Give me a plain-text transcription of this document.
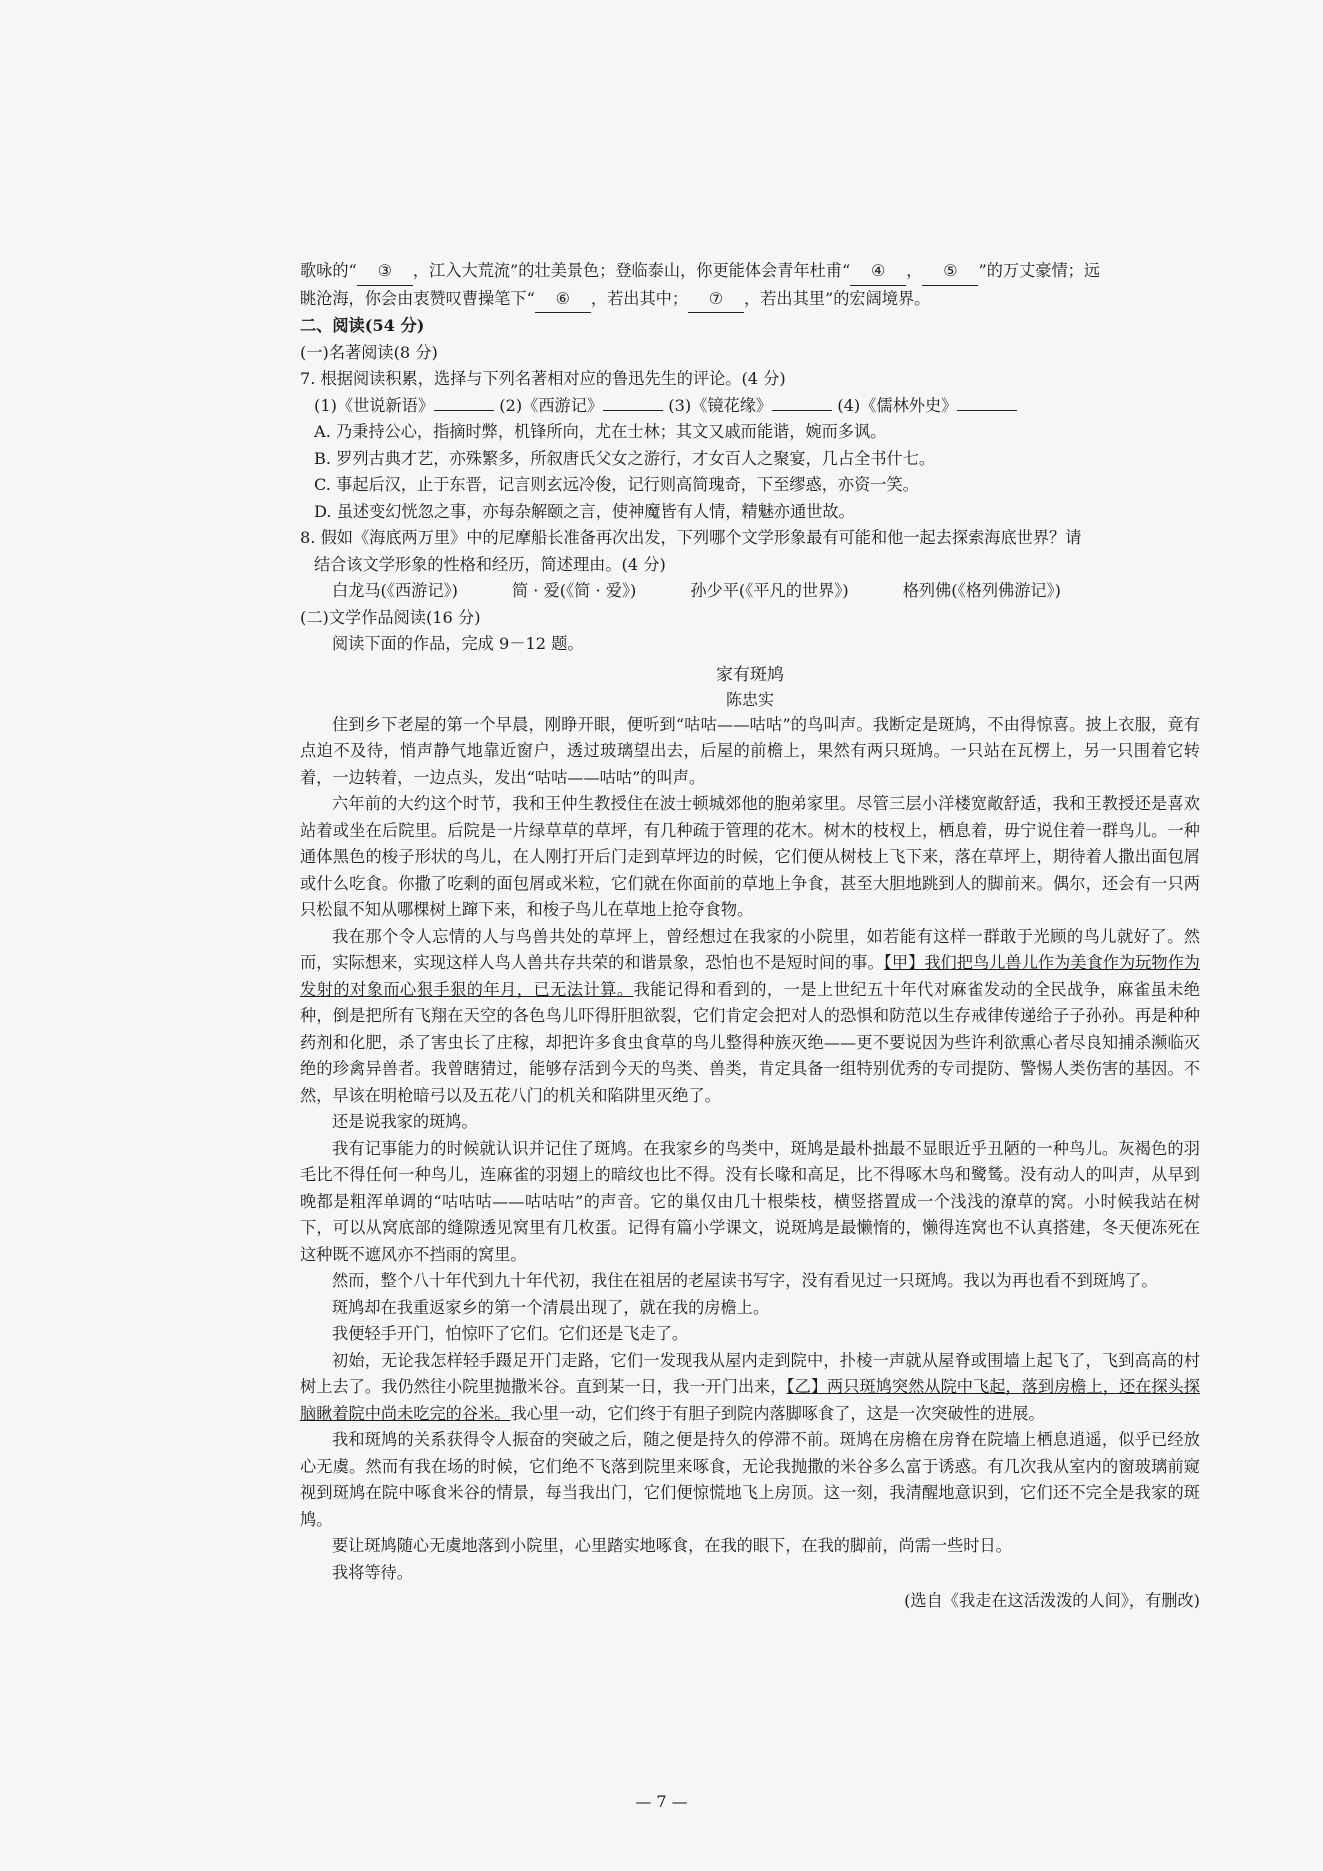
歌咏的“ ③ ，江入大荒流”的壮美景色；登临泰山，你更能体会青年杜甫“ ④ ， ⑤ ”的万丈豪情；远
眺沧海，你会由衷赞叹曹操笔下“ ⑥ ，若出其中； ⑦ ，若出其里”的宏阔境界。
二、阅读(54 分)
(一)名著阅读(8 分)
7. 根据阅读积累，选择与下列名著相对应的鲁迅先生的评论。(4 分)
(1)《世说新语》	(2)《西游记》	(3)《镜花缘》	(4)《儒林外史》
A. 乃秉持公心，指摘时弊，机锋所向，尤在士林；其文又戚而能谐，婉而多讽。
B. 罗列古典才艺，亦殊繁多，所叙唐氏父女之游行，才女百人之聚宴，几占全书什七。
C. 事起后汉，止于东晋，记言则玄远冷俊，记行则高简瑰奇，下至缪惑，亦资一笑。
D. 虽述变幻恍忽之事，亦每杂解颐之言，使神魔皆有人情，精魅亦通世故。
8. 假如《海底两万里》中的尼摩船长准备再次出发，下列哪个文学形象最有可能和他一起去探索海底世界？请
结合该文学形象的性格和经历，简述理由。(4 分)
白龙马(《西游记》)	简 · 爱(《简 · 爱》)	孙少平(《平凡的世界》)	格列佛(《格列佛游记》)
(二)文学作品阅读(16 分)
阅读下面的作品，完成 9－12 题。
家有斑鸠
陈忠实

住到乡下老屋的第一个早晨，刚睁开眼，便听到“咕咕——咕咕”的鸟叫声。我断定是斑鸠，不由得惊喜。披上衣服，竟有点迫不及待，悄声静气地靠近窗户，透过玻璃望出去，后屋的前檐上，果然有两只斑鸠。一只站在瓦楞上，另一只围着它转着，一边转着，一边点头，发出“咕咕——咕咕”的叫声。

六年前的大约这个时节，我和王仲生教授住在波士顿城郊他的胞弟家里。尽管三层小洋楼宽敞舒适，我和王教授还是喜欢站着或坐在后院里。后院是一片绿草草的草坪，有几种疏于管理的花木。树木的枝杈上，栖息着，毋宁说住着一群鸟儿。一种通体黑色的梭子形状的鸟儿，在人刚打开后门走到草坪边的时候，它们便从树枝上飞下来，落在草坪上，期待着人撒出面包屑或什么吃食。你撒了吃剩的面包屑或米粒，它们就在你面前的草地上争食，甚至大胆地跳到人的脚前来。偶尔，还会有一只两只松鼠不知从哪棵树上蹿下来，和梭子鸟儿在草地上抢夺食物。

我在那个令人忘情的人与鸟兽共处的草坪上，曾经想过在我家的小院里，如若能有这样一群敢于光顾的鸟儿就好了。然而，实际想来，实现这样人鸟人兽共存共荣的和谐景象，恐怕也不是短时间的事。【甲】我们把鸟儿兽儿作为美食作为玩物作为发射的对象而心狠手狠的年月，已无法计算。我能记得和看到的，一是上世纪五十年代对麻雀发动的全民战争，麻雀虽未绝种，倒是把所有飞翔在天空的各色鸟儿吓得肝胆欲裂，它们肯定会把对人的恐惧和防范以生存戒律传递给子子孙孙。再是种种药剂和化肥，杀了害虫长了庄稼，却把许多食虫食草的鸟儿整得种族灭绝——更不要说因为些许利欲熏心者尽良知捕杀濒临灭绝的珍禽异兽者。我曾瞎猜过，能够存活到今天的鸟类、兽类，肯定具备一组特别优秀的专司提防、警惕人类伤害的基因。不然，早该在明枪暗弓以及五花八门的机关和陷阱里灭绝了。

还是说我家的斑鸠。

我有记事能力的时候就认识并记住了斑鸠。在我家乡的鸟类中，斑鸠是最朴拙最不显眼近乎丑陋的一种鸟儿。灰褐色的羽毛比不得任何一种鸟儿，连麻雀的羽翅上的暗纹也比不得。没有长喙和高足，比不得啄木鸟和鹭鸶。没有动人的叫声，从早到晚都是粗浑单调的“咕咕咕——咕咕咕”的声音。它的巢仅由几十根柴枝，横竖搭置成一个浅浅的潦草的窝。小时候我站在树下，可以从窝底部的缝隙透见窝里有几枚蛋。记得有篇小学课文，说斑鸠是最懒惰的，懒得连窝也不认真搭建，冬天便冻死在这种既不遮风亦不挡雨的窝里。

然而，整个八十年代到九十年代初，我住在祖居的老屋读书写字，没有看见过一只斑鸠。我以为再也看不到斑鸠了。

斑鸠却在我重返家乡的第一个清晨出现了，就在我的房檐上。

我便轻手开门，怕惊吓了它们。它们还是飞走了。

初始，无论我怎样轻手蹑足开门走路，它们一发现我从屋内走到院中，扑棱一声就从屋脊或围墙上起飞了，飞到高高的村树上去了。我仍然往小院里抛撒米谷。直到某一日，我一开门出来，【乙】两只斑鸠突然从院中飞起，落到房檐上，还在探头探脑瞅着院中尚未吃完的谷米。我心里一动，它们终于有胆子到院内落脚啄食了，这是一次突破性的进展。

我和斑鸠的关系获得令人振奋的突破之后，随之便是持久的停滞不前。斑鸠在房檐在房脊在院墙上栖息逍遥，似乎已经放心无虞。然而有我在场的时候，它们绝不飞落到院里来啄食，无论我抛撒的米谷多么富于诱惑。有几次我从室内的窗玻璃前窥视到斑鸠在院中啄食米谷的情景，每当我出门，它们便惊慌地飞上房顶。这一刻，我清醒地意识到，它们还不完全是我家的斑鸠。

要让斑鸠随心无虞地落到小院里，心里踏实地啄食，在我的眼下，在我的脚前，尚需一些时日。

我将等待。

(选自《我走在这活泼泼的人间》，有删改)
— 7 —
